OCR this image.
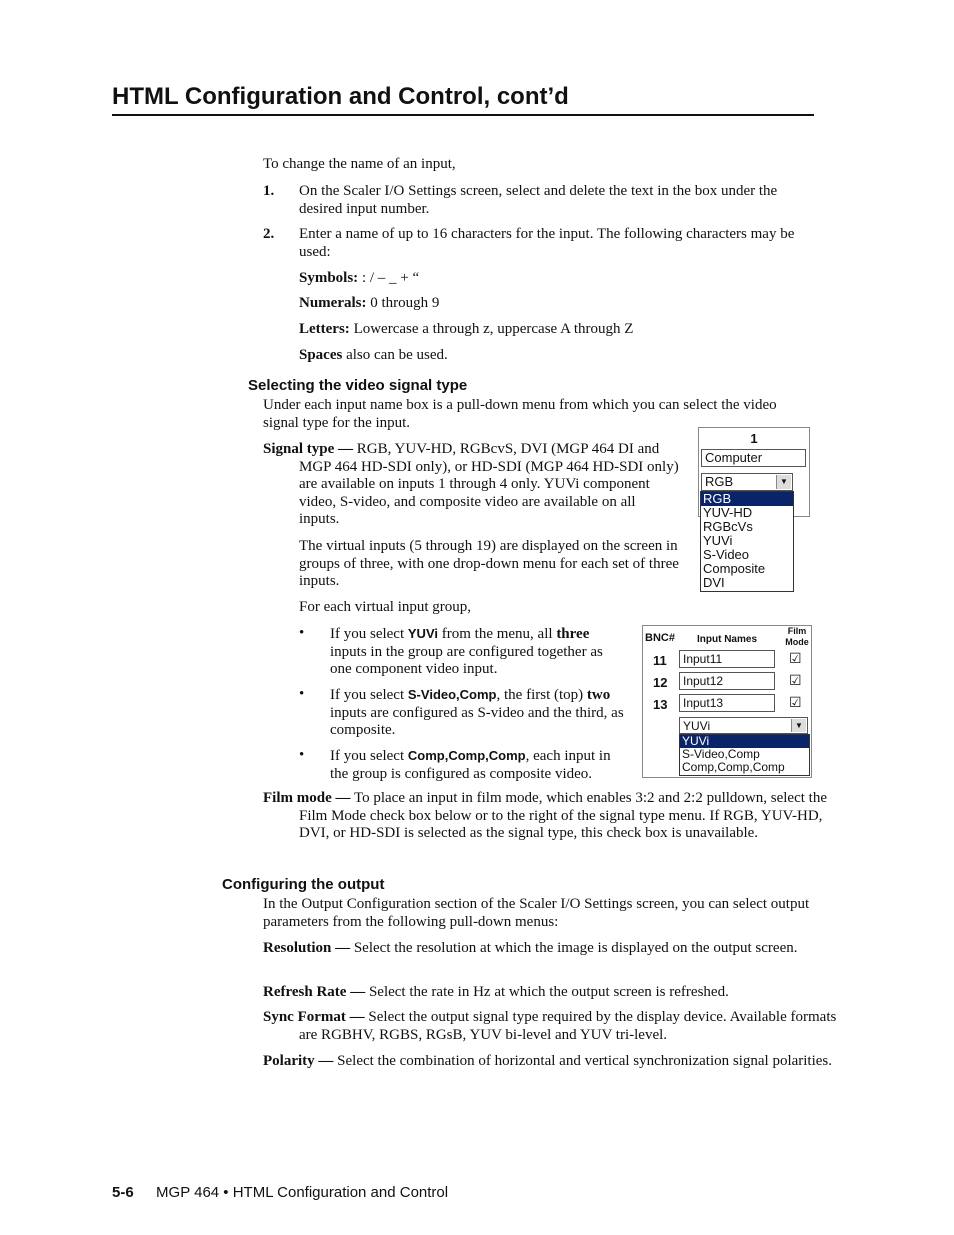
HTML Configuration and Control, cont’d
To change the name of an input,
1. On the Scaler I/O Settings screen, select and delete the text in the box under the desired input number.
2. Enter a name of up to 16 characters for the input. The following characters may be used:
Symbols: : / – _ + “
Numerals: 0 through 9
Letters: Lowercase a through z, uppercase A through Z
Spaces also can be used.
Selecting the video signal type
Under each input name box is a pull-down menu from which you can select the video signal type for the input.
Signal type — RGB, YUV-HD, RGBcvS, DVI (MGP 464 DI and MGP 464 HD-SDI only), or HD-SDI (MGP 464 HD-SDI only) are available on inputs 1 through 4 only. YUVi component video, S-video, and composite video are available on all inputs.
The virtual inputs (5 through 19) are displayed on the screen in groups of three, with one drop-down menu for each set of three inputs.
For each virtual input group,
• If you select YUVi from the menu, all three inputs in the group are configured together as one component video input.
• If you select S-Video,Comp, the first (top) two inputs are configured as S-video and the third, as composite.
• If you select Comp,Comp,Comp, each input in the group is configured as composite video.
Film mode — To place an input in film mode, which enables 3:2 and 2:2 pulldown, select the Film Mode check box below or to the right of the signal type menu. If RGB, YUV-HD, DVI, or HD-SDI is selected as the signal type, this check box is unavailable.
1
Computer
RGB	▼
RGB
YUV-HD
RGBcVs
YUVi
S-Video
Composite
DVI
BNC# Input Names
Film
Mode
11	Input11	☑
12	Input12	☑
13	Input13	☑
YUVi	▼
YUVi
S-Video,Comp
Comp,Comp,Comp
Configuring the output
In the Output Configuration section of the Scaler I/O Settings screen, you can select output parameters from the following pull-down menus:
Resolution — Select the resolution at which the image is displayed on the output screen.
Refresh Rate — Select the rate in Hz at which the output screen is refreshed.
Sync Format — Select the output signal type required by the display device. Available formats are RGBHV, RGBS, RGsB, YUV bi-level and YUV tri-level.
Polarity — Select the combination of horizontal and vertical synchronization signal polarities.
5-6 MGP 464 • HTML Configuration and Control
